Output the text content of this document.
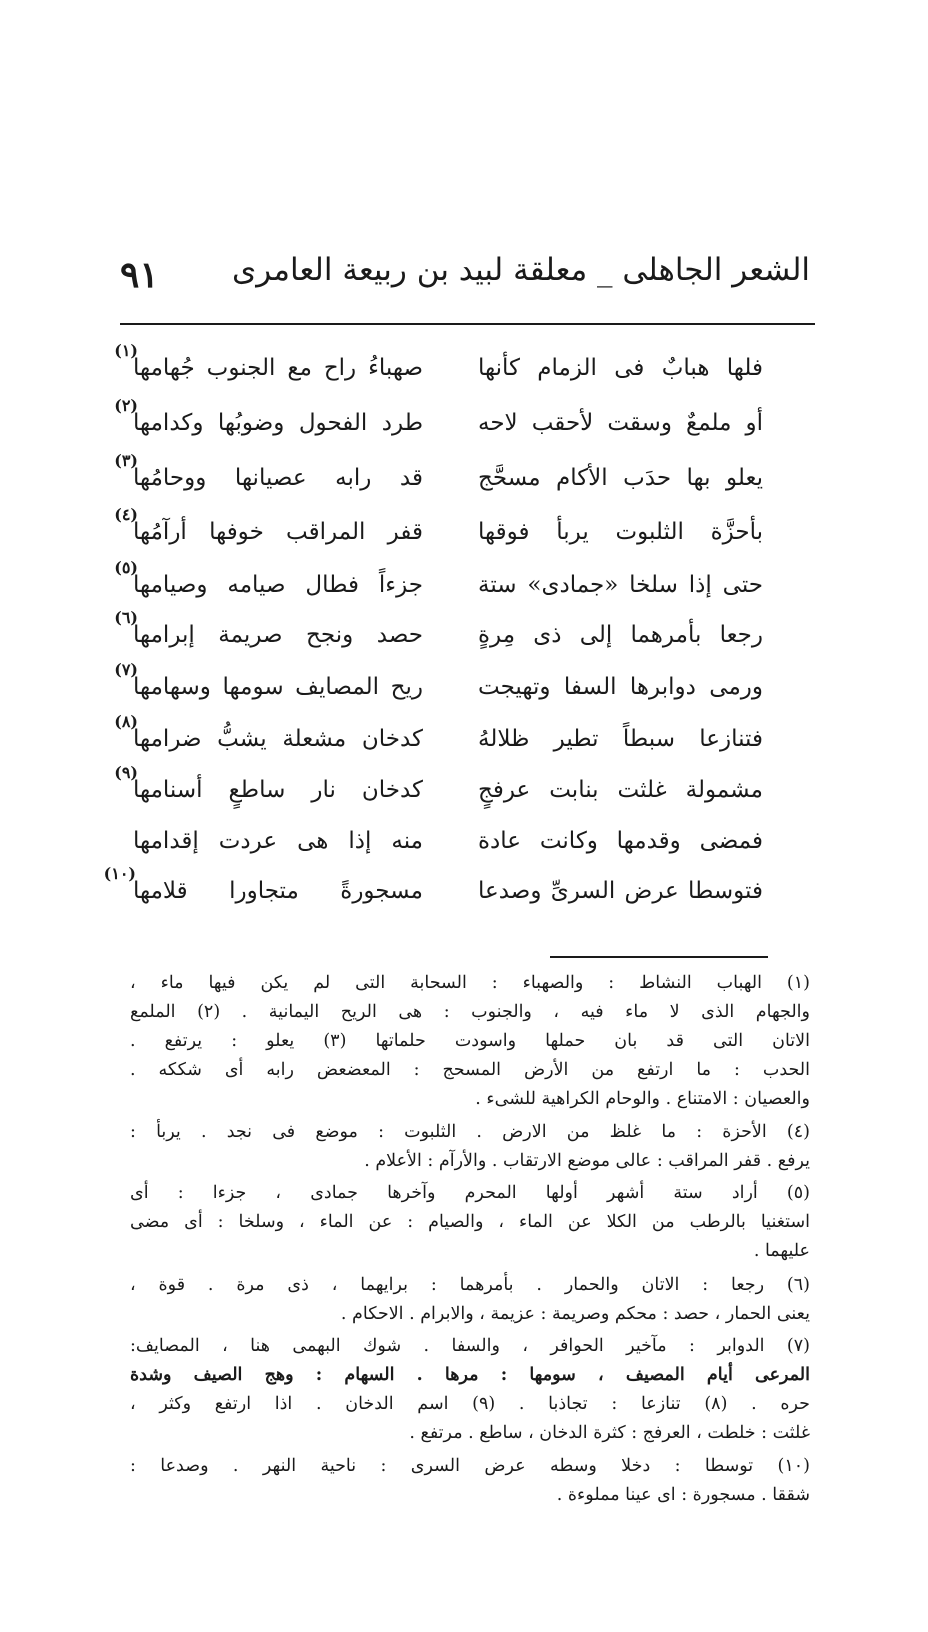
٩١ الشعر الجاهلى _ معلقة لبيد بن ربيعة العامرى
فلها هبابٌ فى الزمام كأنها
صهباءُ راح مع الجنوب جُهامها
(١)
أو ملمعٌ وسقت لأحقب لاحه
طرد الفحول وضوبُها وكدامها
(٢)
يعلو بها حدَب الأكام مسحَّج
قد رابه عصيانها ووحامُها
(٣)
بأحزَّة الثلبوت يربأ فوقها
قفر المراقب خوفها أرآمُها
(٤)
حتى إذا سلخا «جمادى» ستة
جزءاً فطال صيامه وصيامها
(٥)
رجعا بأمرهما إلى ذى مِرةٍ
حصد ونجح صريمة إبرامها
(٦)
ورمى دوابرها السفا وتهيجت
ريح المصايف سومها وسهامها
(٧)
فتنازعا سبطاً تطير ظلالهُ
كدخان مشعلة يشبُّ ضرامها
(٨)
مشمولة غلثت بنابت عرفجٍ
كدخان نار ساطعٍ أسنامها
(٩)
فمضى وقدمها وكانت عادة
منه إذا هى عردت إقدامها
فتوسطا عرض السرىِّ وصدعا
مسجورةً متجاورا قلامها
(١٠)
(١) الهباب النشاط : والصهباء : السحابة التى لم يكن فيها ماء ،
والجهام الذى لا ماء فيه ، والجنوب : هى الريح اليمانية . (٢) الملمع
الاتان التى قد بان حملها واسودت حلماتها (٣) يعلو : يرتفع .
الحدب : ما ارتفع من الأرض المسحج : المعضعض رابه أى شككه .
والعصيان : الامتناع . والوحام الكراهية للشىء .
(٤) الأحزة : ما غلظ من الارض . الثلبوت : موضع فى نجد . يربأ :
يرفع . قفر المراقب : عالى موضع الارتقاب . والأرآم : الأعلام .
(٥) أراد ستة أشهر أولها المحرم وآخرها جمادى ، جزءا : أى
استغنيا بالرطب من الكلا عن الماء ، والصيام : عن الماء ، وسلخا : أى مضى
عليهما .
(٦) رجعا : الاتان والحمار . بأمرهما : برايهما ، ذى مرة . قوة ،
يعنى الحمار ، حصد : محكم وصريمة : عزيمة ، والابرام . الاحكام .
(٧) الدوابر : مآخير الحوافر ، والسفا . شوك البهمى هنا ، المصايف:
المرعى أيام المصيف ، سومها : مرها . السهام : وهج الصيف وشدة
حره . (٨) تنازعا : تجاذبا . (٩) اسم الدخان . اذا ارتفع وكثر ،
غلثت : خلطت ، العرفج : كثرة الدخان ، ساطع . مرتفع .
(١٠) توسطا : دخلا وسطه عرض السرى : ناحية النهر . وصدعا :
شققا . مسجورة : اى عينا مملوءة .
